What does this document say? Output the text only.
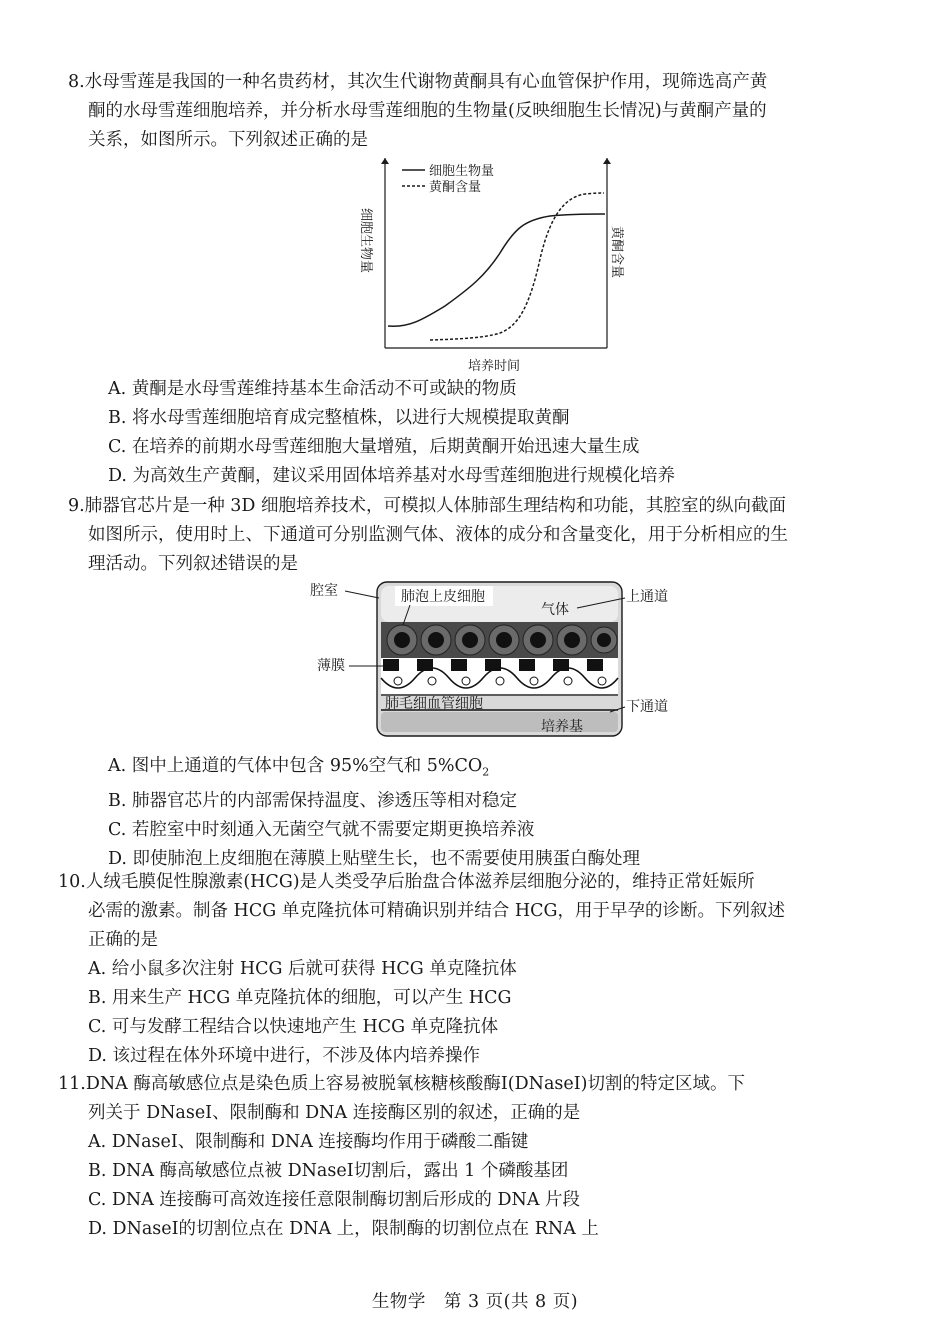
8.水母雪莲是我国的一种名贵药材，其次生代谢物黄酮具有心血管保护作用，现筛选高产黄
酮的水母雪莲细胞培养，并分析水母雪莲细胞的生物量(反映细胞生长情况)与黄酮产量的
关系，如图所示。下列叙述正确的是
细胞生物量
黄酮含量
细胞生物量	黄酮含量
培养时间
A. 黄酮是水母雪莲维持基本生命活动不可或缺的物质
B. 将水母雪莲细胞培育成完整植株，以进行大规模提取黄酮
C. 在培养的前期水母雪莲细胞大量增殖，后期黄酮开始迅速大量生成
D. 为高效生产黄酮，建议采用固体培养基对水母雪莲细胞进行规模化培养
9.肺器官芯片是一种 3D 细胞培养技术，可模拟人体肺部生理结构和功能，其腔室的纵向截面
如图所示，使用时上、下通道可分别监测气体、液体的成分和含量变化，用于分析相应的生
理活动。下列叙述错误的是
腔室	肺泡上皮细胞
气体
上通道
薄膜
肺毛细血管细胞	下通道
培养基
A. 图中上通道的气体中包含 95%空气和 $5\%CO_2$
B. 肺器官芯片的内部需保持温度、渗透压等相对稳定
C. 若腔室中时刻通入无菌空气就不需要定期更换培养液
D. 即使肺泡上皮细胞在薄膜上贴壁生长，也不需要使用胰蛋白酶处理
10.人绒毛膜促性腺激素(HCG)是人类受孕后胎盘合体滋养层细胞分泌的，维持正常妊娠所
必需的激素。制备 HCG 单克隆抗体可精确识别并结合 HCG，用于早孕的诊断。下列叙述
正确的是
A. 给小鼠多次注射 HCG 后就可获得 HCG 单克隆抗体
B. 用来生产 HCG 单克隆抗体的细胞，可以产生 HCG
C. 可与发酵工程结合以快速地产生 HCG 单克隆抗体
D. 该过程在体外环境中进行，不涉及体内培养操作
11.DNA 酶高敏感位点是染色质上容易被脱氧核糖核酸酶Ⅰ(DNaseⅠ)切割的特定区域。下
列关于 DNaseⅠ、限制酶和 DNA 连接酶区别的叙述，正确的是
A. DNaseⅠ、限制酶和 DNA 连接酶均作用于磷酸二酯键
B. DNA 酶高敏感位点被 DNaseⅠ切割后，露出 1 个磷酸基团
C. DNA 连接酶可高效连接任意限制酶切割后形成的 DNA 片段
D. DNaseⅠ的切割位点在 DNA 上，限制酶的切割位点在 RNA 上
生物学　第 3 页(共 8 页)
